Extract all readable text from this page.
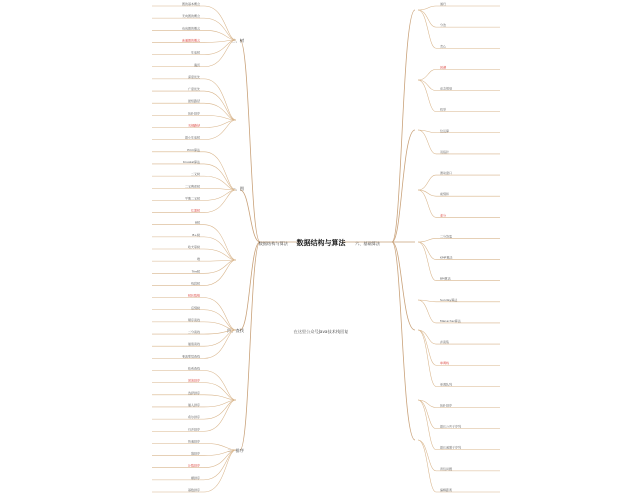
数据结构与算法
数据结构与算法	六、基础算法
三、树
一、图
四、查找
二、排序
在这里公众号Java技术栈回复
图的基本概念
无向图的概念
有向图的概念
连通图的概念
生成树
遍历
深度优先
广度优先
最短路径
拓扑排序
关键路径
最小生成树
Prim算法
Kruskal算法
二叉树
二叉搜索树
平衡二叉树
红黑树
B树
B+树
哈夫曼树
堆
Trie树
线段树
树状数组
后缀树
顺序查找
二分查找
插值查找
斐波那契查找
哈希查找
冒泡排序
选择排序
插入排序
希尔排序
归并排序
快速排序
堆排序
计数排序
桶排序
基数排序
递归
分治
贪心
回溯
动态规划
枚举
位运算
双指针
滑动窗口
前缀和
差分
二分答案
KMP算法
BM算法
Sunday算法
Manacher算法
并查集
单调栈
单调队列
拓扑排序
最长公共子序列
最长递增子序列
背包问题
编辑距离
